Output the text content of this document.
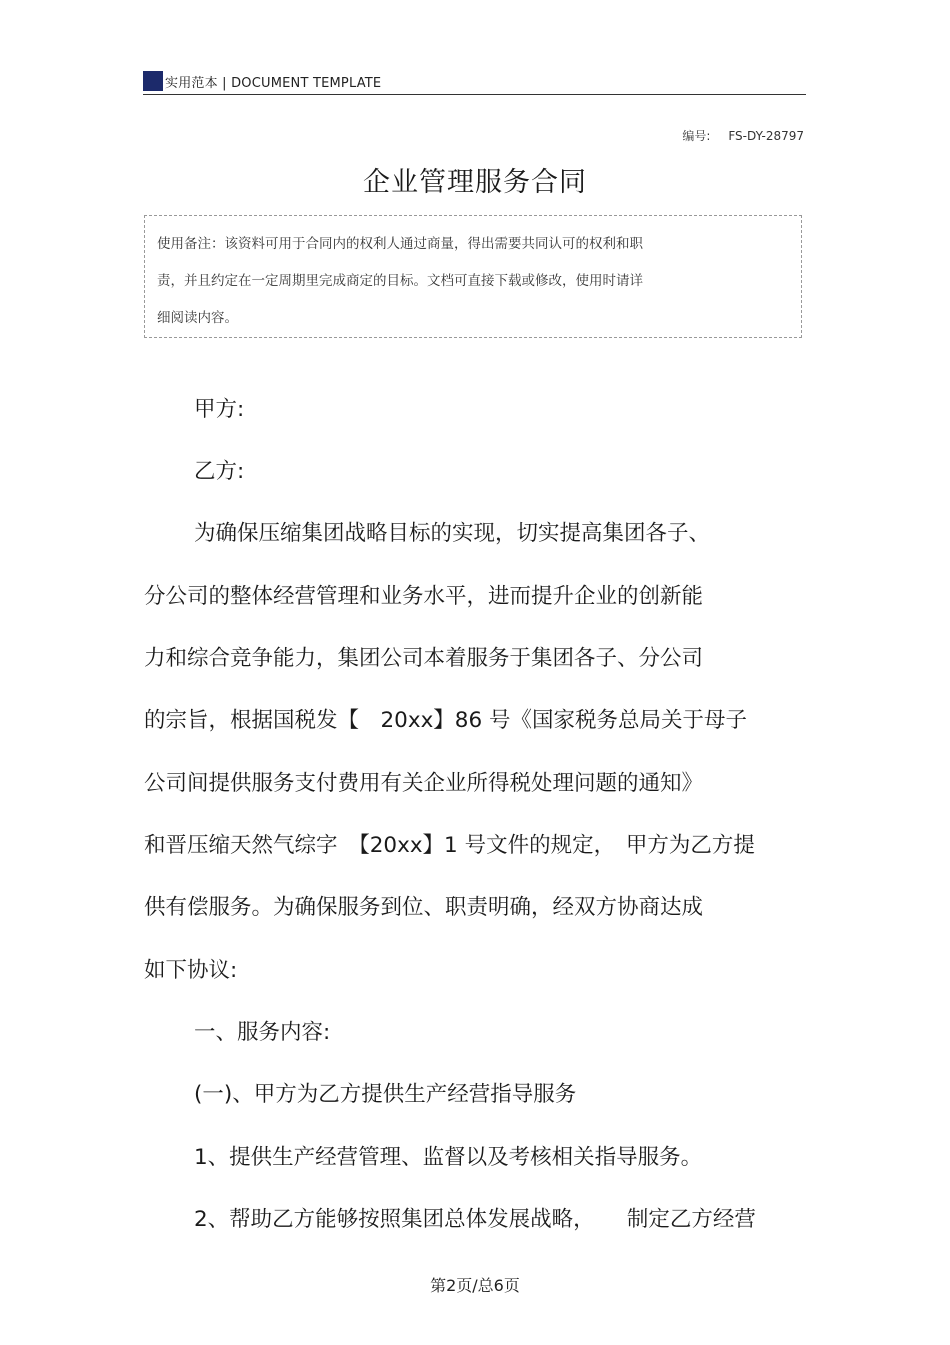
实用范本 | DOCUMENT TEMPLATE
编号: FS-DY-28797
企业管理服务合同
使用备注：该资料可用于合同内的权利人通过商量，得出需要共同认可的权利和职
责，并且约定在一定周期里完成商定的目标。文档可直接下载或修改，使用时请详
细阅读内容。
甲方:
乙方:
为确保压缩集团战略目标的实现，切实提高集团各子、
分公司的整体经营管理和业务水平，进而提升企业的创新能
力和综合竞争能力，集团公司本着服务于集团各子、分公司
的宗旨，根据国税发【　20xx】86 号《国家税务总局关于母子
公司间提供服务支付费用有关企业所得税处理问题的通知》
和晋压缩天然气综字　【20xx】1 号文件的规定，　甲方为乙方提
供有偿服务。为确保服务到位、职责明确，经双方协商达成
如下协议:
一、服务内容:
(一)、甲方为乙方提供生产经营指导服务
1、提供生产经营管理、监督以及考核相关指导服务。
2、帮助乙方能够按照集团总体发展战略，　　制定乙方经营
第2页/总6页
